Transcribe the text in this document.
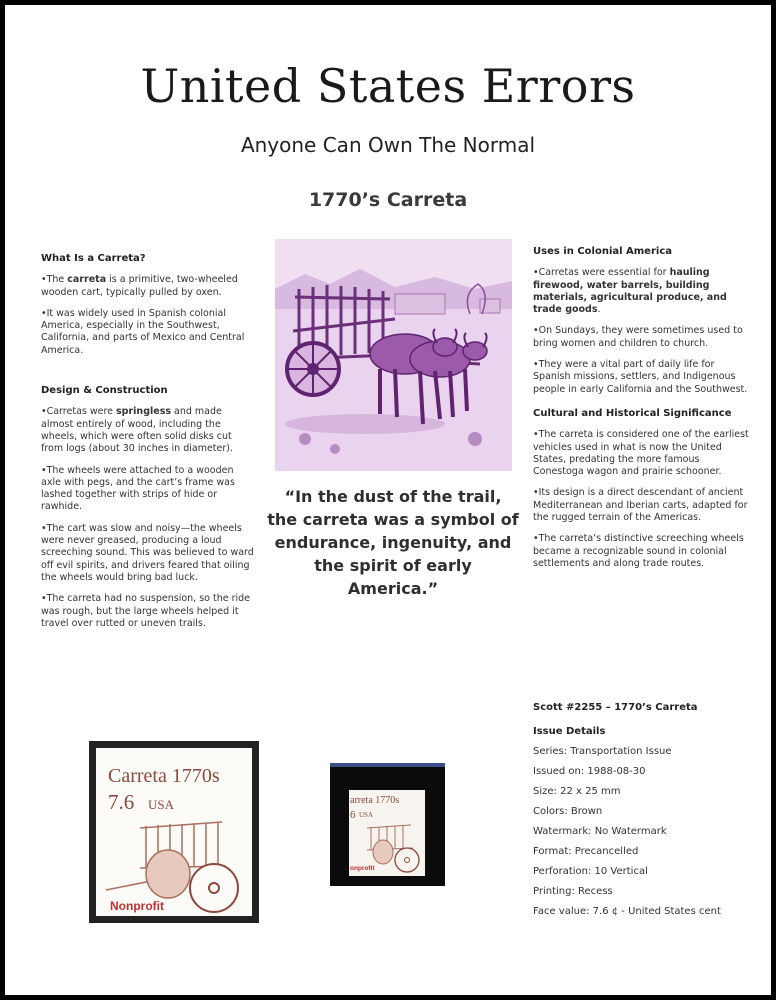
United States Errors
Anyone Can Own The Normal
1770’s Carreta
What Is a Carreta?

•The carreta is a primitive, two-wheeled wooden cart, typically pulled by oxen.

•It was widely used in Spanish colonial America, especially in the Southwest, California, and parts of Mexico and Central America.

Design & Construction

•Carretas were springless and made almost entirely of wood, including the wheels, which were often solid disks cut from logs (about 30 inches in diameter).

•The wheels were attached to a wooden axle with pegs, and the cart’s frame was lashed together with strips of hide or rawhide.

•The cart was slow and noisy—the wheels were never greased, producing a loud screeching sound. This was believed to ward off evil spirits, and drivers feared that oiling the wheels would bring bad luck.

•The carreta had no suspension, so the ride was rough, but the large wheels helped it travel over rutted or uneven trails.

“In the dust of the trail, the carreta was a symbol of endurance, ingenuity, and the spirit of early America.”
Uses in Colonial America

•Carretas were essential for hauling firewood, water barrels, building materials, agricultural produce, and trade goods.

•On Sundays, they were sometimes used to bring women and children to church.

•They were a vital part of daily life for Spanish missions, settlers, and Indigenous people in early California and the Southwest.

Cultural and Historical Significance

•The carreta is considered one of the earliest vehicles used in what is now the United States, predating the more famous Conestoga wagon and prairie schooner.

•Its design is a direct descendant of ancient Mediterranean and Iberian carts, adapted for the rugged terrain of the Americas.

•The carreta’s distinctive screeching wheels became a recognizable sound in colonial settlements and along trade routes.

Carreta 1770s
7.6 USA
Nonprofit
arreta 1770s
6 USA
onprofit
Scott #2255 – 1770’s Carreta
Issue Details
Series: Transportation Issue
Issued on: 1988-08-30
Size: 22 x 25 mm
Colors: Brown
Watermark: No Watermark
Format: Precancelled
Perforation: 10 Vertical
Printing: Recess
Face value: 7.6 ¢ - United States cent
